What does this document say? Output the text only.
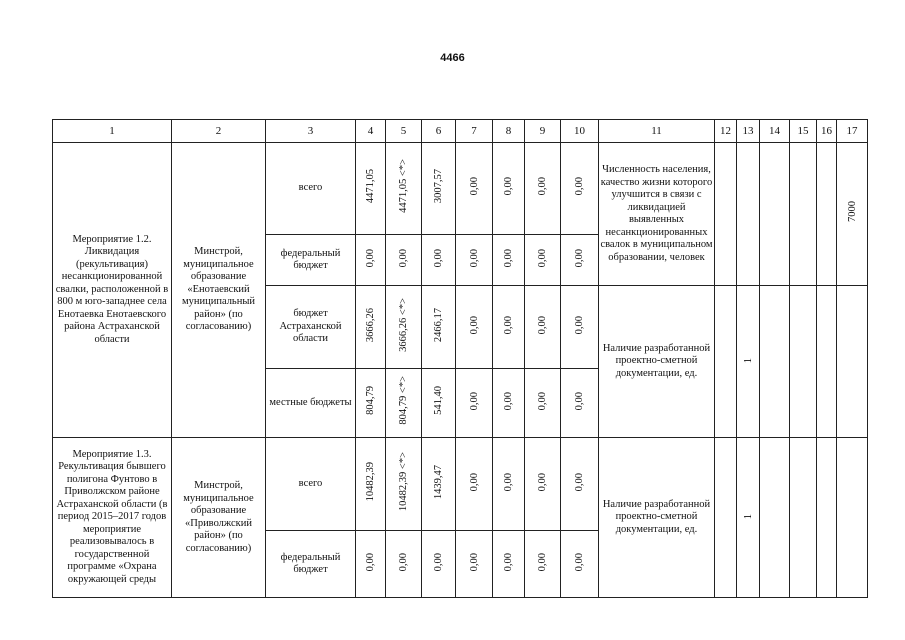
4466
1	2	3	4	5	6	7	8	9	10	11	12	13	14	15	16	17
Мероприятие 1.2. Ликвидация (рекультивация) несанкционированной свалки, расположенной в 800 м юго-западнее села Енотаевка Енотаевского района Астраханской области	Минстрой, муниципальное образование «Енотаевский муниципальный район» (по согласованию)	всего	4471,05	4471,05 <*>	3007,57	0,00	0,00	0,00	0,00	Численность населения, качество жизни которого улучшится в связи с ликвидацией выявленных несанкционированных свалок в муниципальном образовании, человек						7000
		федеральный бюджет	0,00	0,00	0,00	0,00	0,00	0,00	0,00							
		бюджет Астраханской области	3666,26	3666,26 <*>	2466,17	0,00	0,00	0,00	0,00	Наличие разработанной проектно-сметной документации, ед.		1				
		местные бюджеты	804,79	804,79 <*>	541,40	0,00	0,00	0,00	0,00							
Мероприятие 1.3. Рекультивация бывшего полигона Фунтово в Приволжском районе Астраханской области (в период 2015–2017 годов мероприятие реализовывалось в государственной программе «Охрана окружающей среды	Минстрой, муниципальное образование «Приволжский район» (по согласованию)	всего	10482,39	10482,39 <*>	1439,47	0,00	0,00	0,00	0,00	Наличие разработанной проектно-сметной документации, ед.		1				
		федеральный бюджет	0,00	0,00	0,00	0,00	0,00	0,00	0,00							
